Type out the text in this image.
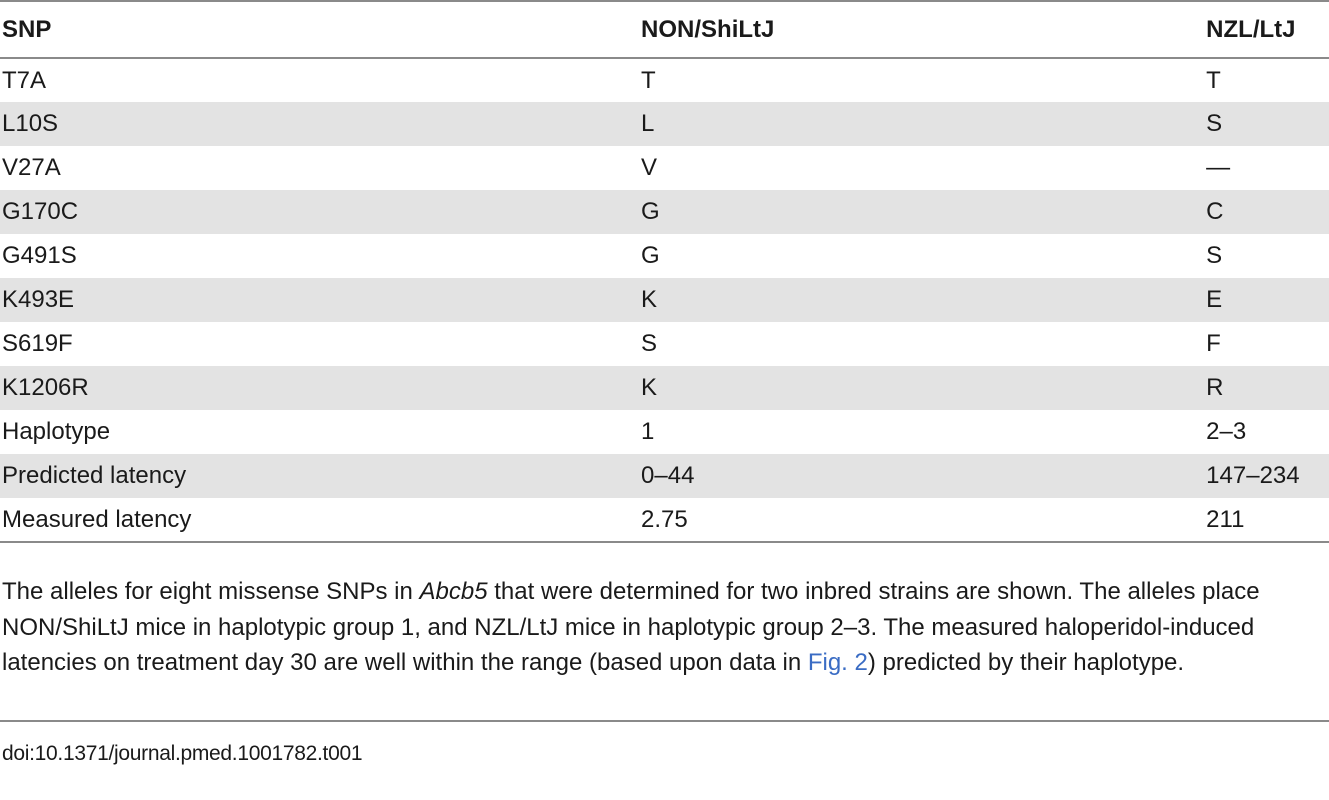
SNP	NON/ShiLtJ	NZL/LtJ
T7A	T	T
L10S	L	S
V27A	V	—
G170C	G	C
G491S	G	S
K493E	K	E
S619F	S	F
K1206R	K	R
Haplotype	1	2–3
Predicted latency	0–44	147–234
Measured latency	2.75	211

The alleles for eight missense SNPs in Abcb5 that were determined for two inbred strains are shown. The alleles place NON/ShiLtJ mice in haplotypic group 1, and NZL/LtJ mice in haplotypic group 2–3. The measured haloperidol-induced latencies on treatment day 30 are well within the range (based upon data in Fig. 2) predicted by their haplotype.

doi:10.1371/journal.pmed.1001782.t001
